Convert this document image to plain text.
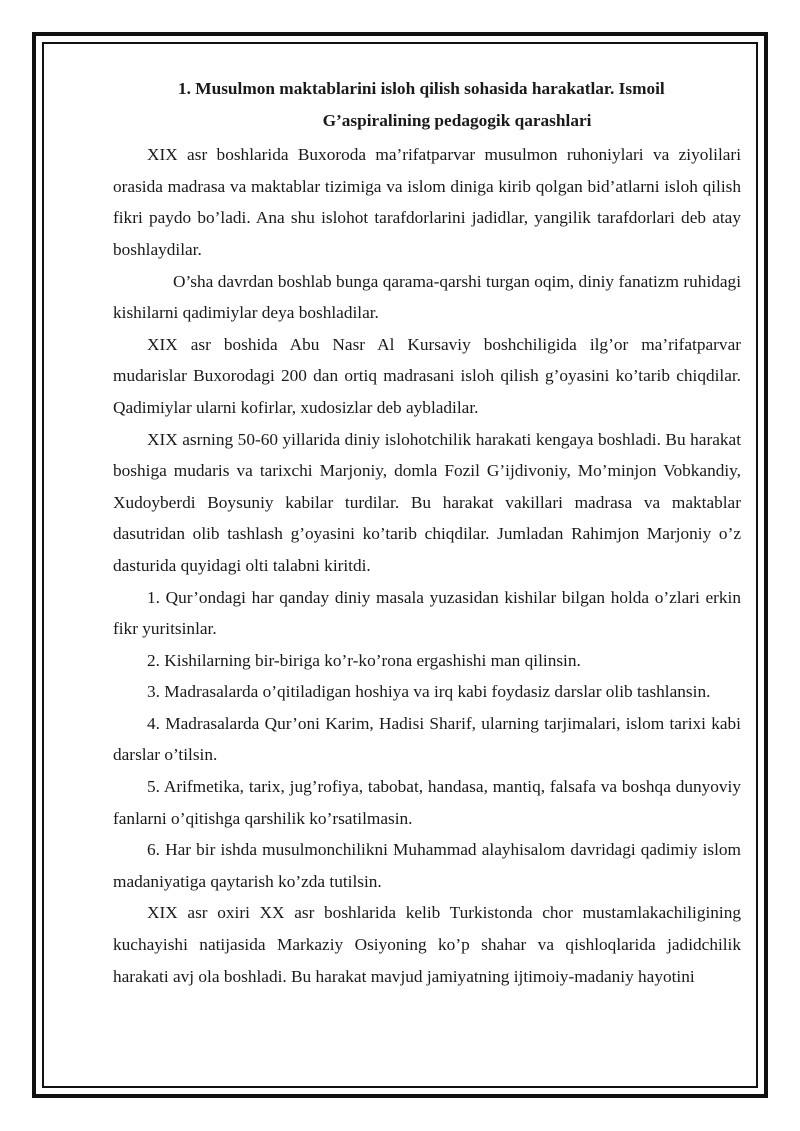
1. Musulmon maktablarini isloh qilish sohasida harakatlar. Ismoil
G’aspiralining pedagogik qarashlari

XIX asr boshlarida Buxoroda ma’rifatparvar musulmon ruhoniylari va ziyolilari orasida madrasa va maktablar tizimiga va islom diniga kirib qolgan bid’atlarni isloh qilish fikri paydo bo’ladi. Ana shu islohot tarafdorlarini jadidlar, yangilik tarafdorlari deb atay boshlaydilar.

O’sha davrdan boshlab bunga qarama-qarshi turgan oqim, diniy fanatizm ruhidagi kishilarni qadimiylar deya boshladilar.

XIX asr boshida Abu Nasr Al Kursaviy boshchiligida ilg’or ma’rifatparvar mudarislar Buxorodagi 200 dan ortiq madrasani isloh qilish g’oyasini ko’tarib chiqdilar. Qadimiylar ularni kofirlar, xudosizlar deb aybladilar.

XIX asrning 50-60 yillarida diniy islohotchilik harakati kengaya boshladi. Bu harakat boshiga mudaris va tarixchi Marjoniy, domla Fozil G’ijdivoniy, Mo’minjon Vobkandiy, Xudoyberdi Boysuniy kabilar turdilar. Bu harakat vakillari madrasa va maktablar dasutridan olib tashlash g’oyasini ko’tarib chiqdilar. Jumladan Rahimjon Marjoniy o’z dasturida quyidagi olti talabni kiritdi.

1. Qur’ondagi har qanday diniy masala yuzasidan kishilar bilgan holda o’zlari erkin fikr yuritsinlar.

2. Kishilarning bir-biriga ko’r-ko’rona ergashishi man qilinsin.

3. Madrasalarda o’qitiladigan hoshiya va irq kabi foydasiz darslar olib tashlansin.

4. Madrasalarda Qur’oni Karim, Hadisi Sharif, ularning tarjimalari, islom tarixi kabi darslar o’tilsin.

5. Arifmetika, tarix, jug’rofiya, tabobat, handasa, mantiq, falsafa va boshqa dunyoviy fanlarni o’qitishga qarshilik ko’rsatilmasin.

6. Har bir ishda musulmonchilikni Muhammad alayhisalom davridagi qadimiy islom madaniyatiga qaytarish ko’zda tutilsin.

XIX asr oxiri XX asr boshlarida kelib Turkistonda chor mustamlakachiligining kuchayishi natijasida Markaziy Osiyoning ko’p shahar va qishloqlarida jadidchilik harakati avj ola boshladi. Bu harakat mavjud jamiyatning ijtimoiy-madaniy hayotini
